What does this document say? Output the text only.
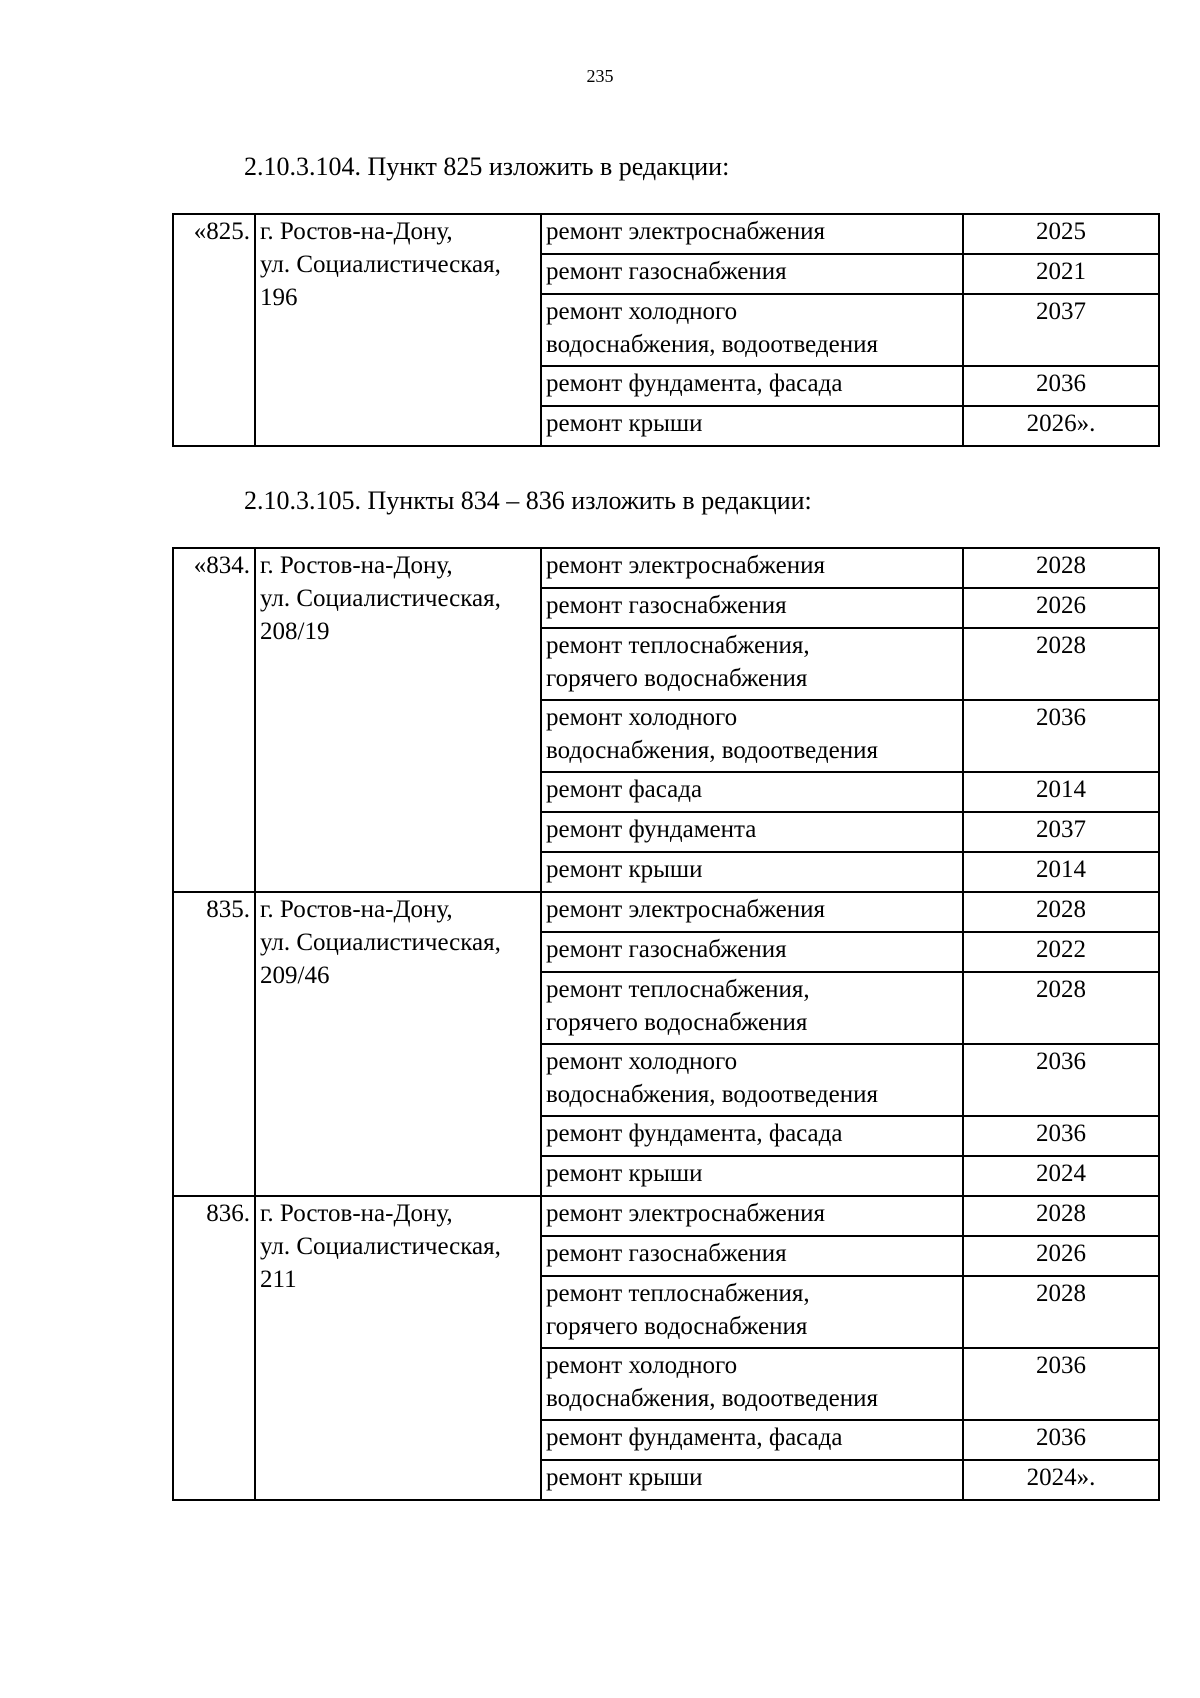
235
2.10.3.104. Пункт 825 изложить в редакции:
«825.	г. Ростов-на-Дону,
ул. Социалистическая,
196	ремонт электроснабжения	2025
		ремонт газоснабжения	2021
		ремонт холодного
водоснабжения, водоотведения	2037
		ремонт фундамента, фасада	2036
		ремонт крыши	2026».
2.10.3.105. Пункты 834 – 836 изложить в редакции:
«834.	г. Ростов-на-Дону,
ул. Социалистическая,
208/19	ремонт электроснабжения	2028
		ремонт газоснабжения	2026
		ремонт теплоснабжения,
горячего водоснабжения	2028
		ремонт холодного
водоснабжения, водоотведения	2036
		ремонт фасада	2014
		ремонт фундамента	2037
		ремонт крыши	2014
835.	г. Ростов-на-Дону,
ул. Социалистическая,
209/46	ремонт электроснабжения	2028
		ремонт газоснабжения	2022
		ремонт теплоснабжения,
горячего водоснабжения	2028
		ремонт холодного
водоснабжения, водоотведения	2036
		ремонт фундамента, фасада	2036
		ремонт крыши	2024
836.	г. Ростов-на-Дону,
ул. Социалистическая,
211	ремонт электроснабжения	2028
		ремонт газоснабжения	2026
		ремонт теплоснабжения,
горячего водоснабжения	2028
		ремонт холодного
водоснабжения, водоотведения	2036
		ремонт фундамента, фасада	2036
		ремонт крыши	2024».
